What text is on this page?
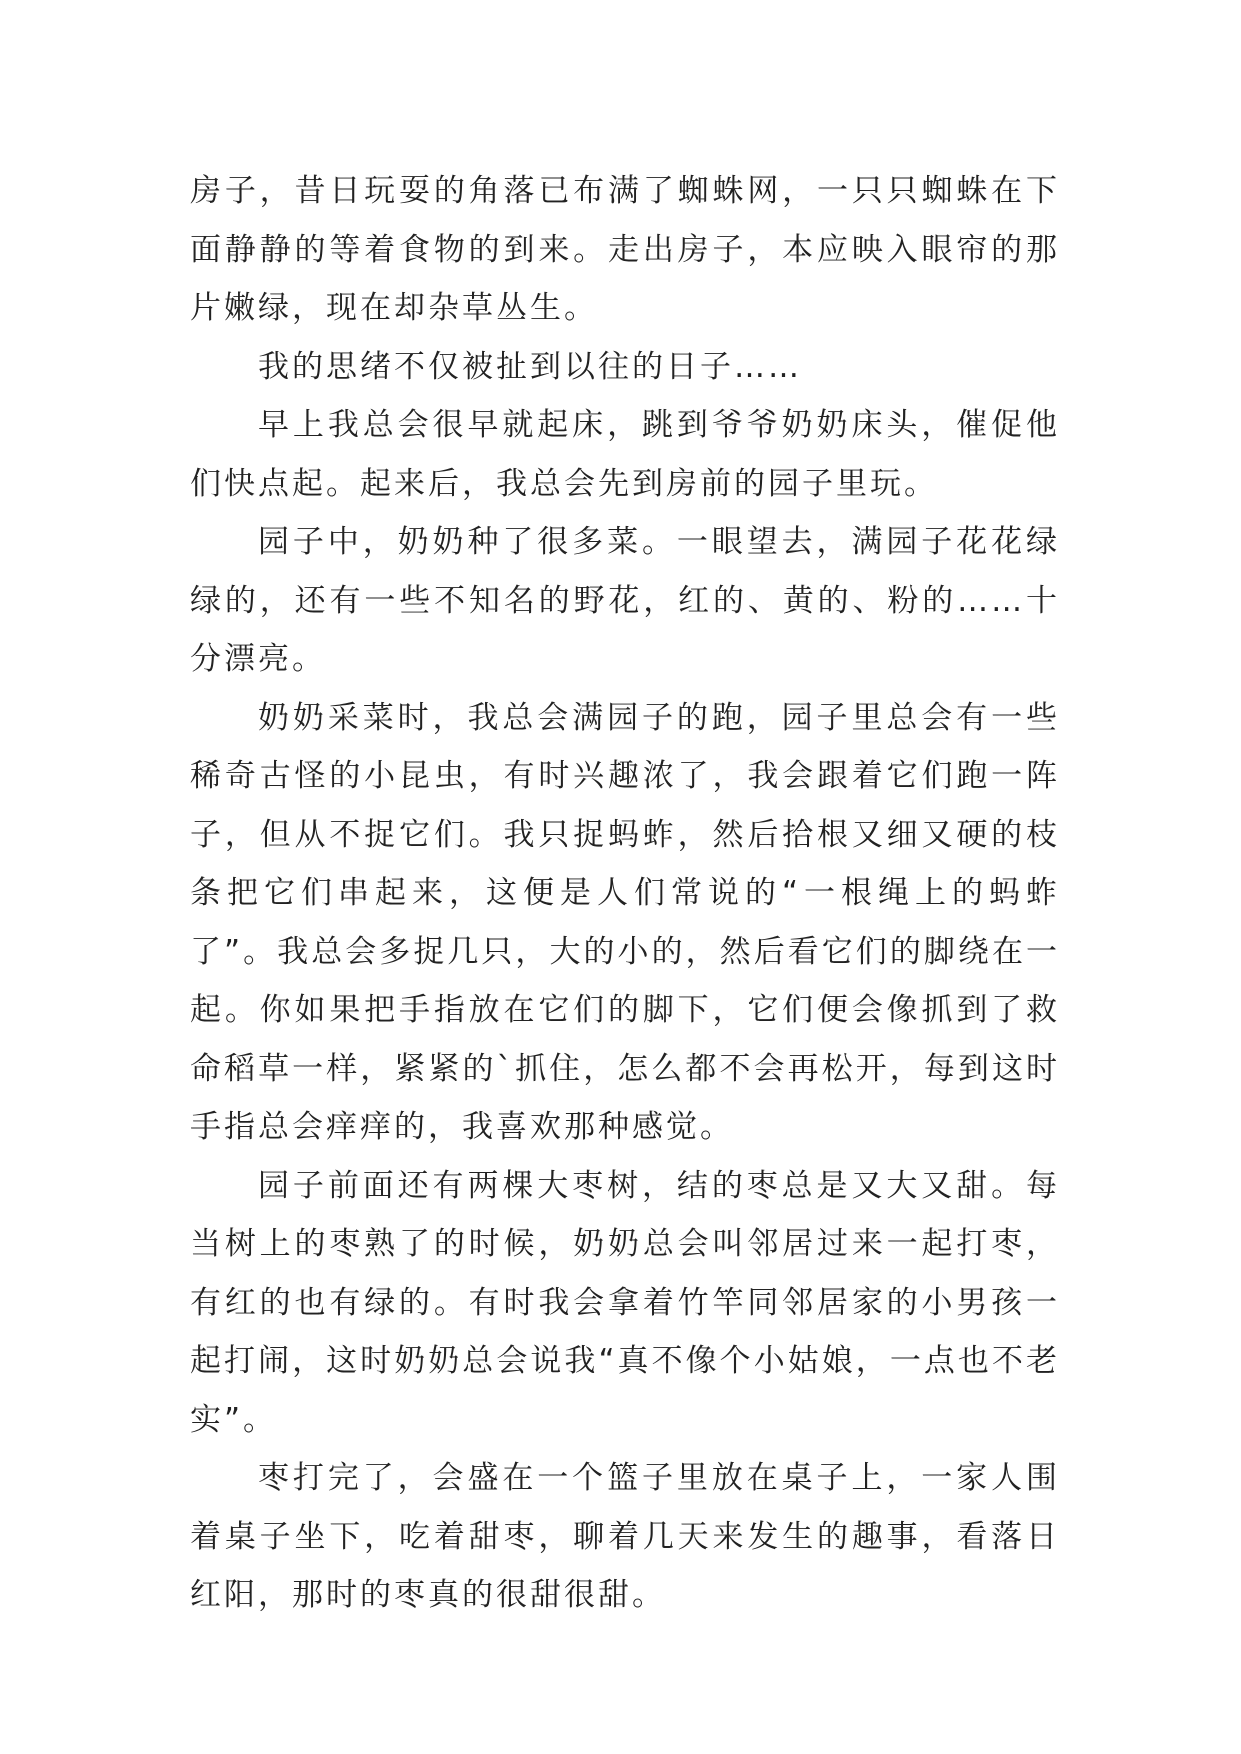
房子，昔日玩耍的角落已布满了蜘蛛网，一只只蜘蛛在下面静静的等着食物的到来。走出房子，本应映入眼帘的那片嫩绿，现在却杂草丛生。

我的思绪不仅被扯到以往的日子……

早上我总会很早就起床，跳到爷爷奶奶床头，催促他们快点起。起来后，我总会先到房前的园子里玩。

园子中，奶奶种了很多菜。一眼望去，满园子花花绿绿的，还有一些不知名的野花，红的、黄的、粉的……十分漂亮。

奶奶采菜时，我总会满园子的跑，园子里总会有一些稀奇古怪的小昆虫，有时兴趣浓了，我会跟着它们跑一阵子，但从不捉它们。我只捉蚂蚱，然后拾根又细又硬的枝条把它们串起来，这便是人们常说的“一根绳上的蚂蚱了”。我总会多捉几只，大的小的，然后看它们的脚绕在一起。你如果把手指放在它们的脚下，它们便会像抓到了救命稻草一样，紧紧的`抓住，怎么都不会再松开，每到这时手指总会痒痒的，我喜欢那种感觉。

园子前面还有两棵大枣树，结的枣总是又大又甜。每当树上的枣熟了的时候，奶奶总会叫邻居过来一起打枣，有红的也有绿的。有时我会拿着竹竿同邻居家的小男孩一起打闹，这时奶奶总会说我“真不像个小姑娘，一点也不老实”。

枣打完了，会盛在一个篮子里放在桌子上，一家人围着桌子坐下，吃着甜枣，聊着几天来发生的趣事，看落日红阳，那时的枣真的很甜很甜。
